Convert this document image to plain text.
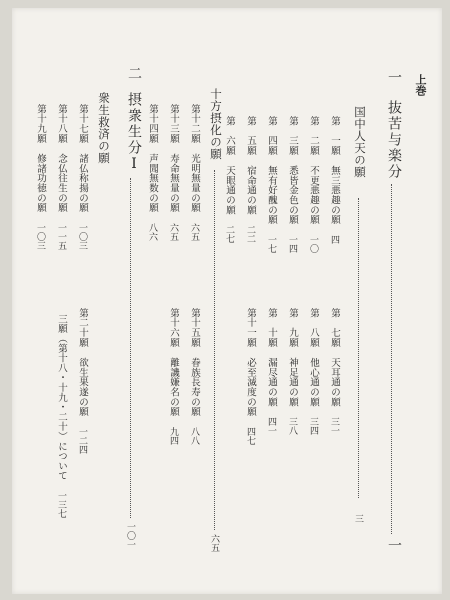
上巻
一
抜苦与楽分
一
国中人天の願
三
第　一願　無三悪趣の願　四
第　二願　不更悪趣の願　一〇
第　三願　悉皆金色の願　一四
第　四願　無有好醜の願　一七
第　五願　宿命通の願　二二
第　六願　天眼通の願　二七
第　七願　天耳通の願　三一
第　八願　他心通の願　三四
第　九願　神足通の願　三八
第　十願　漏尽通の願　四一
第十一願　必至滅度の願　四七
十方摂化の願
六五
第十二願　光明無量の願　六五
第十三願　寿命無量の願　六五
第十四願　声聞無数の願　八六
第十五願　眷族長寿の願　八八
第十六願　離譏嫌名の願　九四
二
摂衆生分Ⅰ
一〇一
衆生救済の願
第十七願　諸仏称揚の願　一〇三
第十八願　念仏往生の願　一一五
第十九願　修諸功徳の願　一〇三
第二十願　欲生果遂の願　一二四
三願（第十八・十九・二十）について　一三七
